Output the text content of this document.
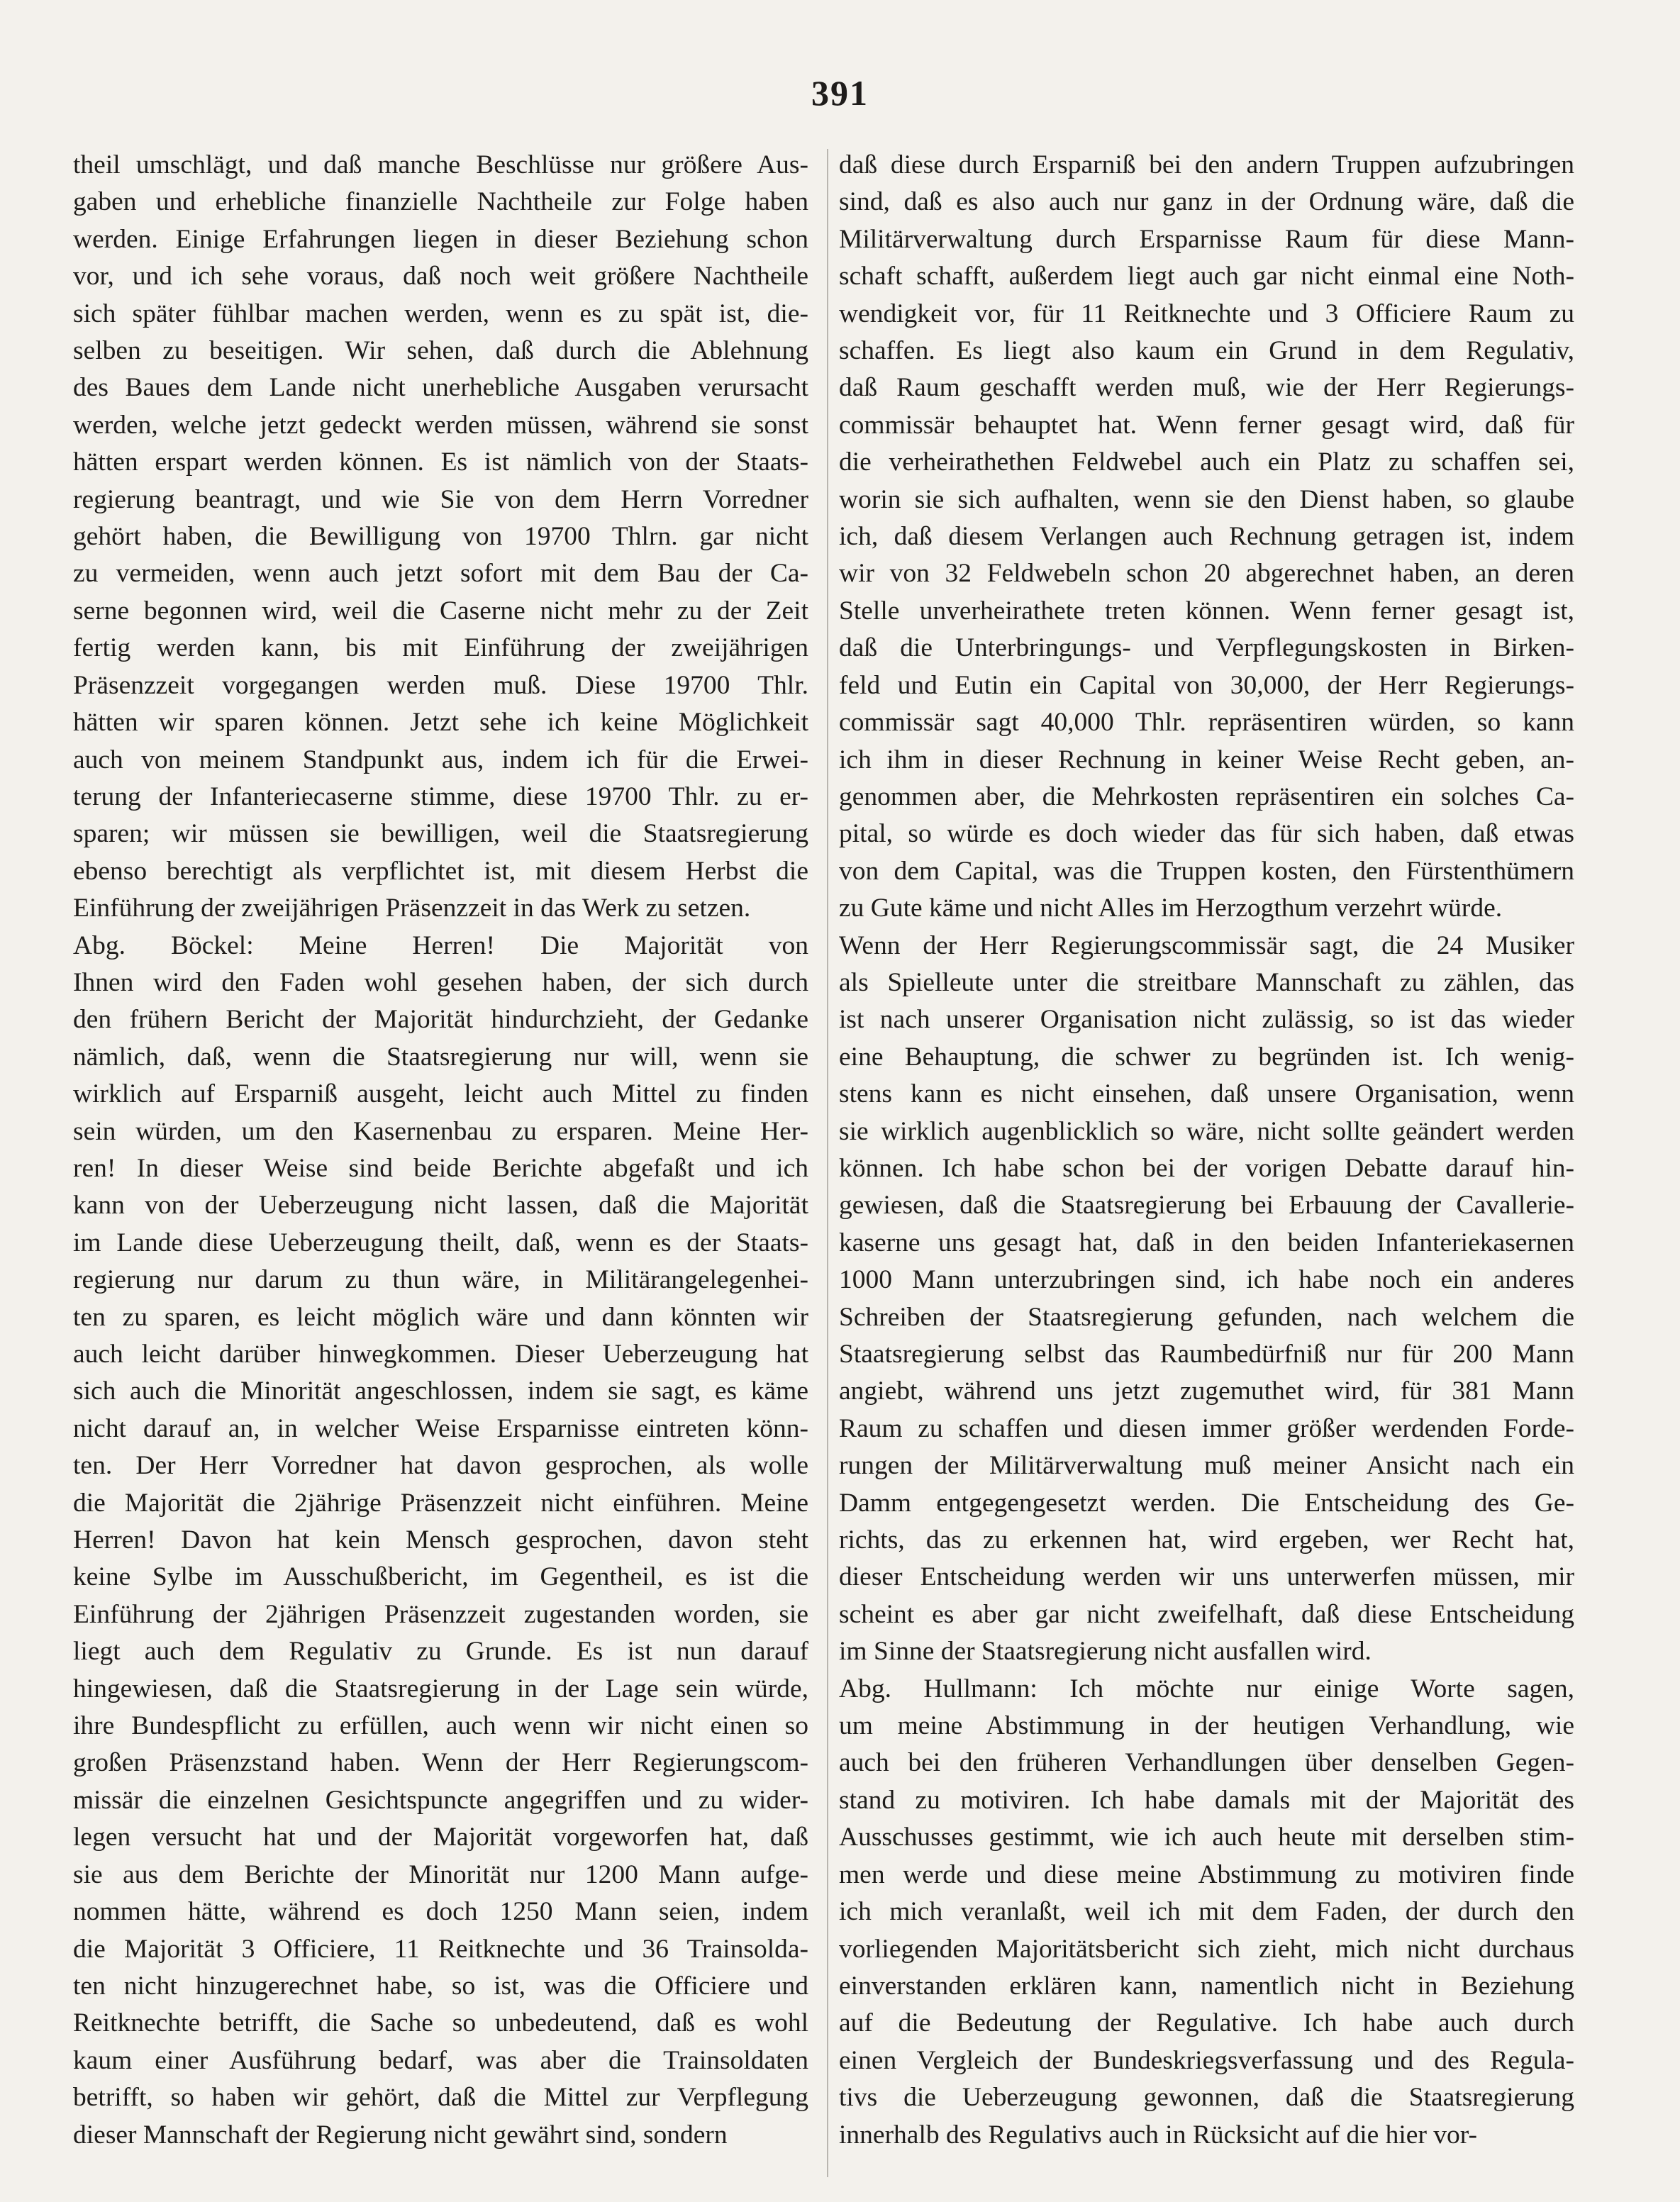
391
theil umschlägt, und daß manche Beschlüsse nur größere Aus-
gaben und erhebliche finanzielle Nachtheile zur Folge haben
werden. Einige Erfahrungen liegen in dieser Beziehung schon
vor, und ich sehe voraus, daß noch weit größere Nachtheile
sich später fühlbar machen werden, wenn es zu spät ist, die-
selben zu beseitigen. Wir sehen, daß durch die Ablehnung
des Baues dem Lande nicht unerhebliche Ausgaben verursacht
werden, welche jetzt gedeckt werden müssen, während sie sonst
hätten erspart werden können. Es ist nämlich von der Staats-
regierung beantragt, und wie Sie von dem Herrn Vorredner
gehört haben, die Bewilligung von 19700 Thlrn. gar nicht
zu vermeiden, wenn auch jetzt sofort mit dem Bau der Ca-
serne begonnen wird, weil die Caserne nicht mehr zu der Zeit
fertig werden kann, bis mit Einführung der zweijährigen
Präsenzzeit vorgegangen werden muß. Diese 19700 Thlr.
hätten wir sparen können. Jetzt sehe ich keine Möglichkeit
auch von meinem Standpunkt aus, indem ich für die Erwei-
terung der Infanteriecaserne stimme, diese 19700 Thlr. zu er-
sparen; wir müssen sie bewilligen, weil die Staatsregierung
ebenso berechtigt als verpflichtet ist, mit diesem Herbst die
Einführung der zweijährigen Präsenzzeit in das Werk zu setzen.
Abg. Böckel: Meine Herren! Die Majorität von
Ihnen wird den Faden wohl gesehen haben, der sich durch
den frühern Bericht der Majorität hindurchzieht, der Gedanke
nämlich, daß, wenn die Staatsregierung nur will, wenn sie
wirklich auf Ersparniß ausgeht, leicht auch Mittel zu finden
sein würden, um den Kasernenbau zu ersparen. Meine Her-
ren! In dieser Weise sind beide Berichte abgefaßt und ich
kann von der Ueberzeugung nicht lassen, daß die Majorität
im Lande diese Ueberzeugung theilt, daß, wenn es der Staats-
regierung nur darum zu thun wäre, in Militärangelegenhei-
ten zu sparen, es leicht möglich wäre und dann könnten wir
auch leicht darüber hinwegkommen. Dieser Ueberzeugung hat
sich auch die Minorität angeschlossen, indem sie sagt, es käme
nicht darauf an, in welcher Weise Ersparnisse eintreten könn-
ten. Der Herr Vorredner hat davon gesprochen, als wolle
die Majorität die 2jährige Präsenzzeit nicht einführen. Meine
Herren! Davon hat kein Mensch gesprochen, davon steht
keine Sylbe im Ausschußbericht, im Gegentheil, es ist die
Einführung der 2jährigen Präsenzzeit zugestanden worden, sie
liegt auch dem Regulativ zu Grunde. Es ist nun darauf
hingewiesen, daß die Staatsregierung in der Lage sein würde,
ihre Bundespflicht zu erfüllen, auch wenn wir nicht einen so
großen Präsenzstand haben. Wenn der Herr Regierungscom-
missär die einzelnen Gesichtspuncte angegriffen und zu wider-
legen versucht hat und der Majorität vorgeworfen hat, daß
sie aus dem Berichte der Minorität nur 1200 Mann aufge-
nommen hätte, während es doch 1250 Mann seien, indem
die Majorität 3 Officiere, 11 Reitknechte und 36 Trainsolda-
ten nicht hinzugerechnet habe, so ist, was die Officiere und
Reitknechte betrifft, die Sache so unbedeutend, daß es wohl
kaum einer Ausführung bedarf, was aber die Trainsoldaten
betrifft, so haben wir gehört, daß die Mittel zur Verpflegung
dieser Mannschaft der Regierung nicht gewährt sind, sondern
daß diese durch Ersparniß bei den andern Truppen aufzubringen
sind, daß es also auch nur ganz in der Ordnung wäre, daß die
Militärverwaltung durch Ersparnisse Raum für diese Mann-
schaft schafft, außerdem liegt auch gar nicht einmal eine Noth-
wendigkeit vor, für 11 Reitknechte und 3 Officiere Raum zu
schaffen. Es liegt also kaum ein Grund in dem Regulativ,
daß Raum geschafft werden muß, wie der Herr Regierungs-
commissär behauptet hat. Wenn ferner gesagt wird, daß für
die verheirathethen Feldwebel auch ein Platz zu schaffen sei,
worin sie sich aufhalten, wenn sie den Dienst haben, so glaube
ich, daß diesem Verlangen auch Rechnung getragen ist, indem
wir von 32 Feldwebeln schon 20 abgerechnet haben, an deren
Stelle unverheirathete treten können. Wenn ferner gesagt ist,
daß die Unterbringungs- und Verpflegungskosten in Birken-
feld und Eutin ein Capital von 30,000, der Herr Regierungs-
commissär sagt 40,000 Thlr. repräsentiren würden, so kann
ich ihm in dieser Rechnung in keiner Weise Recht geben, an-
genommen aber, die Mehrkosten repräsentiren ein solches Ca-
pital, so würde es doch wieder das für sich haben, daß etwas
von dem Capital, was die Truppen kosten, den Fürstenthümern
zu Gute käme und nicht Alles im Herzogthum verzehrt würde.
Wenn der Herr Regierungscommissär sagt, die 24 Musiker
als Spielleute unter die streitbare Mannschaft zu zählen, das
ist nach unserer Organisation nicht zulässig, so ist das wieder
eine Behauptung, die schwer zu begründen ist. Ich wenig-
stens kann es nicht einsehen, daß unsere Organisation, wenn
sie wirklich augenblicklich so wäre, nicht sollte geändert werden
können. Ich habe schon bei der vorigen Debatte darauf hin-
gewiesen, daß die Staatsregierung bei Erbauung der Cavallerie-
kaserne uns gesagt hat, daß in den beiden Infanteriekasernen
1000 Mann unterzubringen sind, ich habe noch ein anderes
Schreiben der Staatsregierung gefunden, nach welchem die
Staatsregierung selbst das Raumbedürfniß nur für 200 Mann
angiebt, während uns jetzt zugemuthet wird, für 381 Mann
Raum zu schaffen und diesen immer größer werdenden Forde-
rungen der Militärverwaltung muß meiner Ansicht nach ein
Damm entgegengesetzt werden. Die Entscheidung des Ge-
richts, das zu erkennen hat, wird ergeben, wer Recht hat,
dieser Entscheidung werden wir uns unterwerfen müssen, mir
scheint es aber gar nicht zweifelhaft, daß diese Entscheidung
im Sinne der Staatsregierung nicht ausfallen wird.
Abg. Hullmann: Ich möchte nur einige Worte sagen,
um meine Abstimmung in der heutigen Verhandlung, wie
auch bei den früheren Verhandlungen über denselben Gegen-
stand zu motiviren. Ich habe damals mit der Majorität des
Ausschusses gestimmt, wie ich auch heute mit derselben stim-
men werde und diese meine Abstimmung zu motiviren finde
ich mich veranlaßt, weil ich mit dem Faden, der durch den
vorliegenden Majoritätsbericht sich zieht, mich nicht durchaus
einverstanden erklären kann, namentlich nicht in Beziehung
auf die Bedeutung der Regulative. Ich habe auch durch
einen Vergleich der Bundeskriegsverfassung und des Regula-
tivs die Ueberzeugung gewonnen, daß die Staatsregierung
innerhalb des Regulativs auch in Rücksicht auf die hier vor-
